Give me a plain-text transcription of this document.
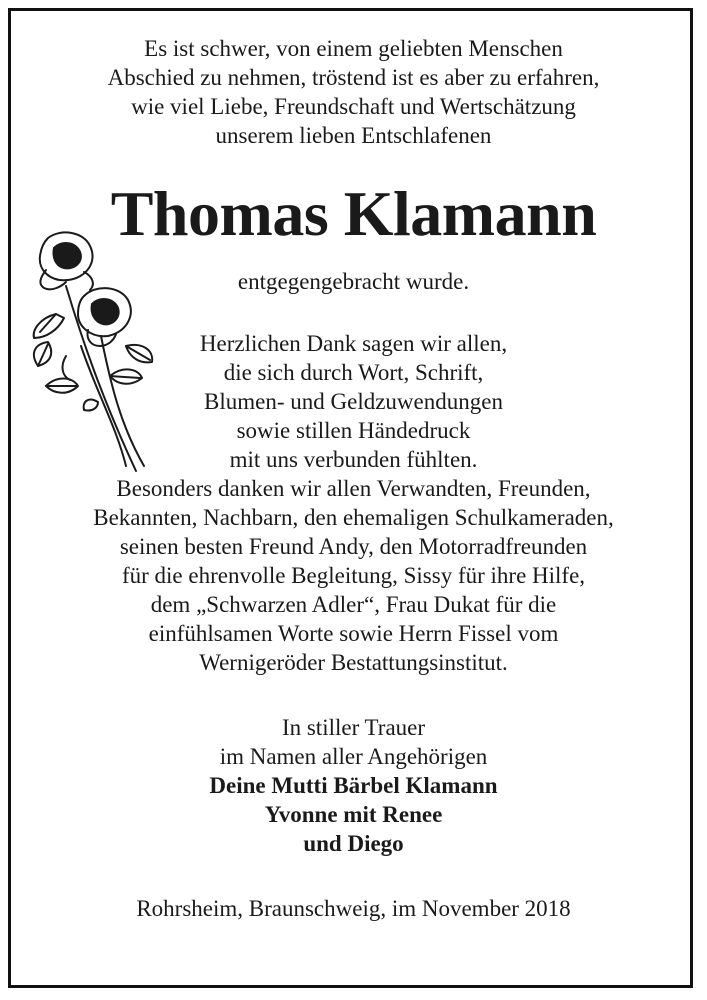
Es ist schwer, von einem geliebten Menschen
Abschied zu nehmen, tröstend ist es aber zu erfahren,
wie viel Liebe, Freundschaft und Wertschätzung
unserem lieben Entschlafenen
Thomas Klamann
entgegengebracht wurde.
Herzlichen Dank sagen wir allen,
die sich durch Wort, Schrift,
Blumen- und Geldzuwendungen
sowie stillen Händedruck
mit uns verbunden fühlten.
Besonders danken wir allen Verwandten, Freunden,
Bekannten, Nachbarn, den ehemaligen Schulkameraden,
seinen besten Freund Andy, den Motorradfreunden
für die ehrenvolle Begleitung, Sissy für ihre Hilfe,
dem „Schwarzen Adler“, Frau Dukat für die
einfühlsamen Worte sowie Herrn Fissel vom
Wernigeröder Bestattungsinstitut.
In stiller Trauer
im Namen aller Angehörigen
Deine Mutti Bärbel Klamann
Yvonne mit Renee
und Diego
Rohrsheim, Braunschweig, im November 2018
